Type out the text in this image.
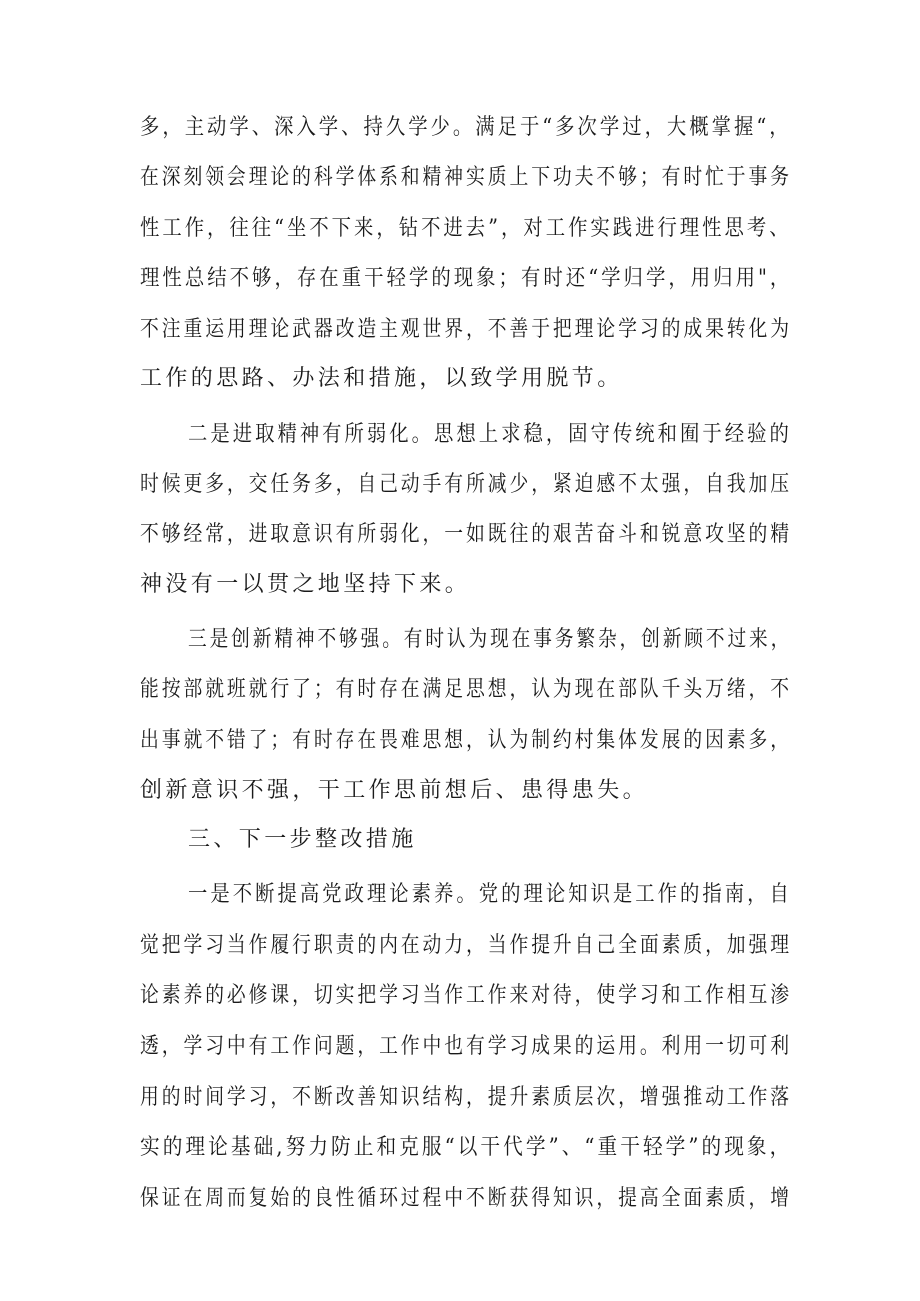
多，主动学、深入学、持久学少。满足于“多次学过，大概掌握“，
在深刻领会理论的科学体系和精神实质上下功夫不够；有时忙于事务
性工作，往往“坐不下来，钻不进去”，对工作实践进行理性思考、
理性总结不够，存在重干轻学的现象；有时还“学归学，用归用"，
不注重运用理论武器改造主观世界，不善于把理论学习的成果转化为
工作的思路、办法和措施，以致学用脱节。
二是进取精神有所弱化。思想上求稳，固守传统和囿于经验的
时候更多，交任务多，自己动手有所减少，紧迫感不太强，自我加压
不够经常，进取意识有所弱化，一如既往的艰苦奋斗和锐意攻坚的精
神没有一以贯之地坚持下来。
三是创新精神不够强。有时认为现在事务繁杂，创新顾不过来，
能按部就班就行了；有时存在满足思想，认为现在部队千头万绪，不
出事就不错了；有时存在畏难思想，认为制约村集体发展的因素多，
创新意识不强，干工作思前想后、患得患失。
三、下一步整改措施
一是不断提高党政理论素养。党的理论知识是工作的指南，自
觉把学习当作履行职责的内在动力，当作提升自己全面素质，加强理
论素养的必修课，切实把学习当作工作来对待，使学习和工作相互渗
透，学习中有工作问题，工作中也有学习成果的运用。利用一切可利
用的时间学习，不断改善知识结构，提升素质层次，增强推动工作落
实的理论基础,努力防止和克服“以干代学”、“重干轻学”的现象，
保证在周而复始的良性循环过程中不断获得知识，提高全面素质，增
